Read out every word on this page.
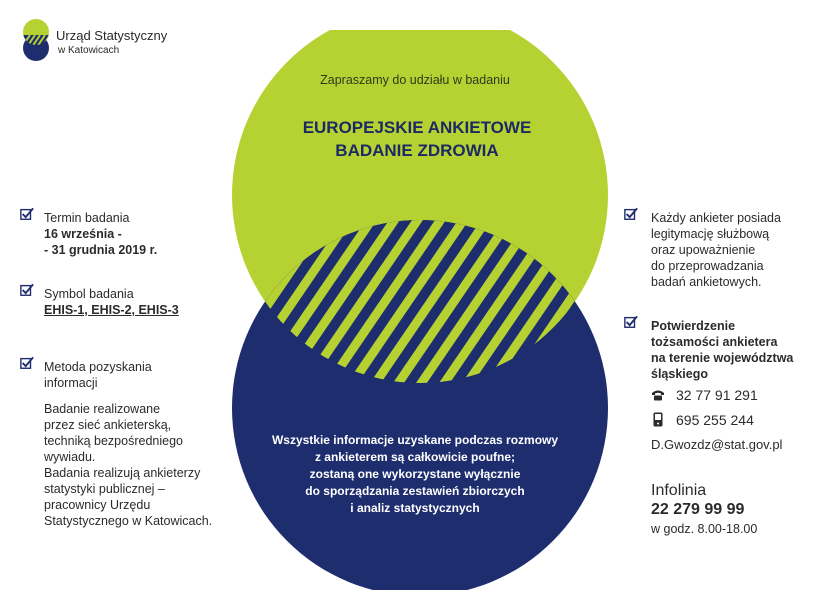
Urząd Statystyczny
w Katowicach
Zapraszamy do udziału w badaniu
EUROPEJSKIE ANKIETOWE
BADANIE ZDROWIA
Wszystkie informacje uzyskane podczas rozmowy
z ankieterem są całkowicie poufne;
zostaną one wykorzystane wyłącznie
do sporządzania zestawień zbiorczych
i analiz statystycznych
Termin badania
16 września -
- 31 grudnia 2019 r.
Symbol badania
EHIS-1, EHIS-2, EHIS-3
Metoda pozyskania
informacji
Badanie realizowane
przez sieć ankieterską,
techniką bezpośredniego
wywiadu.
Badania realizują ankieterzy
statystyki publicznej –
pracownicy Urzędu
Statystycznego w Katowicach.
Każdy ankieter posiada
legitymację służbową
oraz upoważnienie
do przeprowadzania
badań ankietowych.
Potwierdzenie
tożsamości ankietera
na terenie województwa
śląskiego
32 77 91 291
695 255 244
D.Gwozdz@stat.gov.pl
Infolinia
22 279 99 99
w godz. 8.00-18.00
